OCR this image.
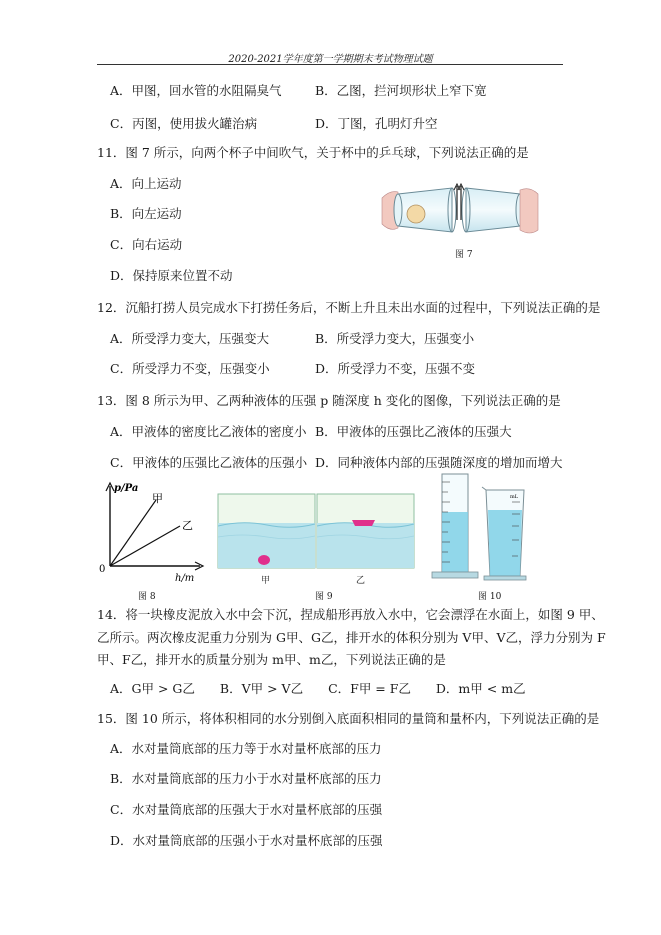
2020-2021学年度第一学期期末考试物理试题
A．甲图，回水管的水阻隔臭气	B．乙图，拦河坝形状上窄下宽
C．丙图，使用拔火罐治病	D．丁图，孔明灯升空
11．图 7 所示，向两个杯子中间吹气，关于杯中的乒乓球，下列说法正确的是
A．向上运动
B．向左运动
C．向右运动
D．保持原来位置不动
图 7
12．沉船打捞人员完成水下打捞任务后，不断上升且未出水面的过程中，下列说法正确的是
A．所受浮力变大，压强变大	B．所受浮力变大，压强变小
C．所受浮力不变，压强变小	D．所受浮力不变，压强不变
13．图 8 所示为甲、乙两种液体的压强 p 随深度 h 变化的图像，下列说法正确的是
A．甲液体的密度比乙液体的密度小 B．甲液体的压强比乙液体的压强大
C．甲液体的压强比乙液体的压强小 D．同种液体内部的压强随深度的增加而增大
p/Pa
0
h/m
甲
乙
图 8
甲	乙
图 9
mL
图 10
14．将一块橡皮泥放入水中会下沉，捏成船形再放入水中，它会漂浮在水面上，如图 9 甲、
乙所示。两次橡皮泥重力分别为 G甲、G乙，排开水的体积分别为 V甲、V乙，浮力分别为 F
甲、F乙，排开水的质量分别为 m甲、m乙，下列说法正确的是
A．G甲 > G乙　　B．V甲 > V乙　　C．F甲 = F乙　　D．m甲 < m乙
15．图 10 所示，将体积相同的水分别倒入底面积相同的量筒和量杯内，下列说法正确的是
A．水对量筒底部的压力等于水对量杯底部的压力
B．水对量筒底部的压力小于水对量杯底部的压力
C．水对量筒底部的压强大于水对量杯底部的压强
D．水对量筒底部的压强小于水对量杯底部的压强
